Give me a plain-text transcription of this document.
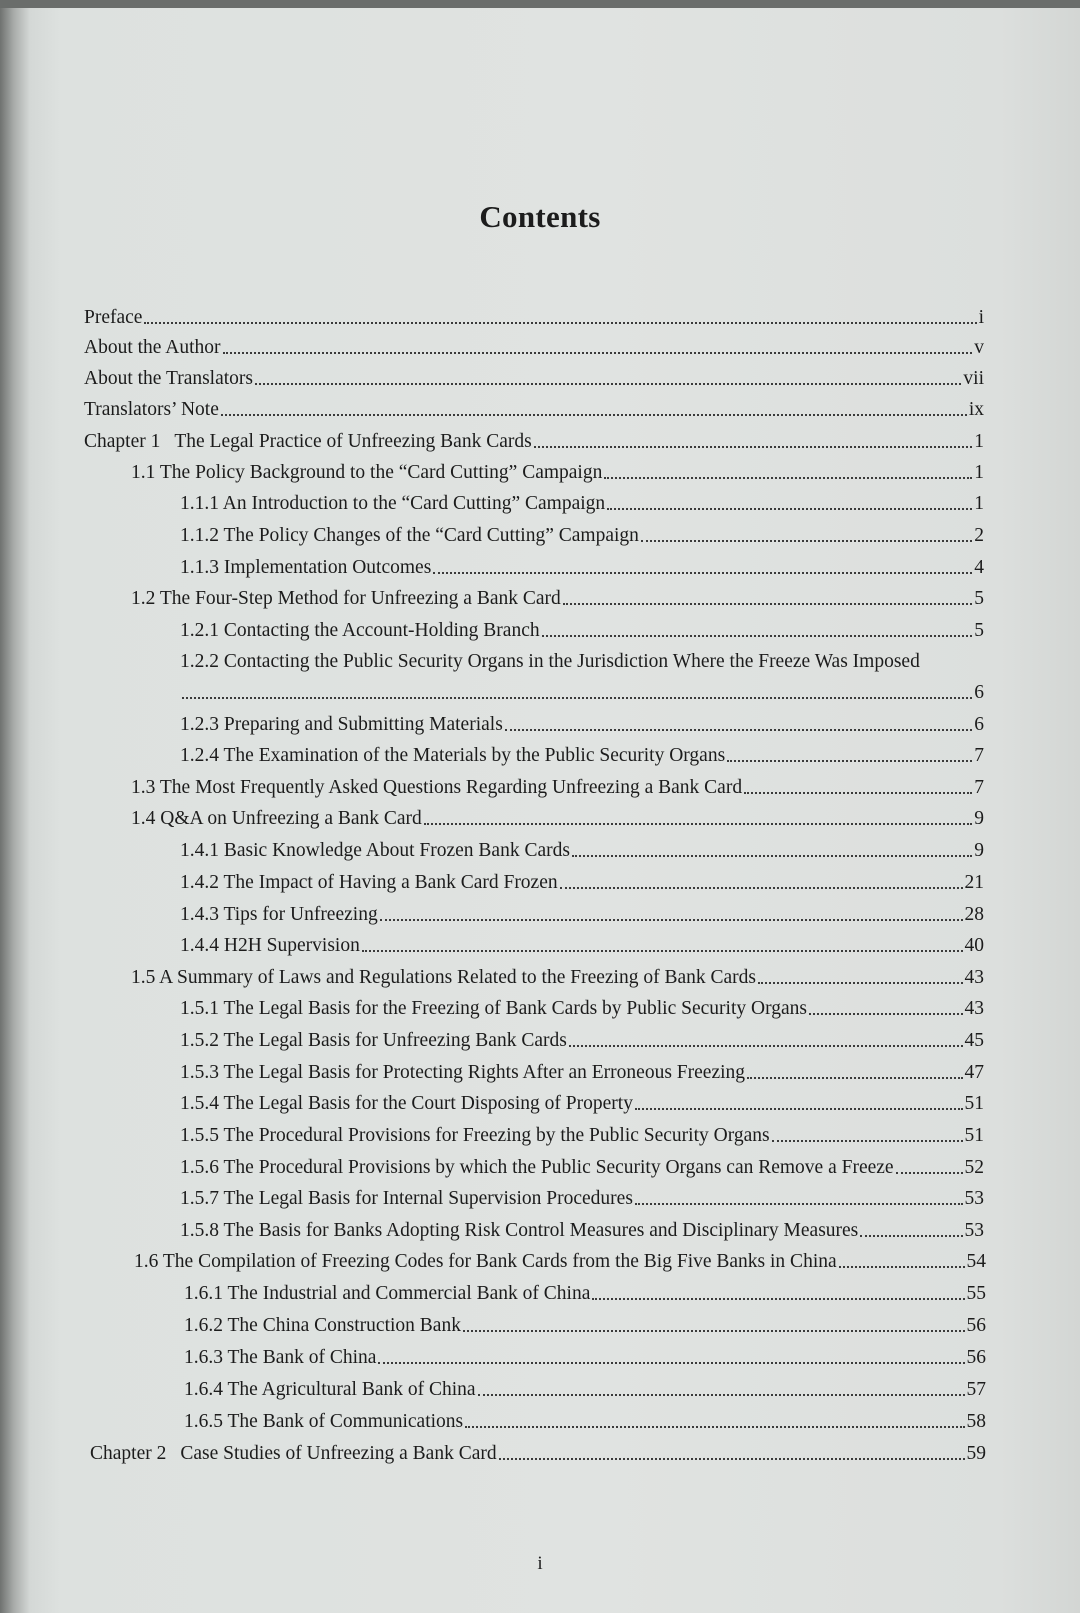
Contents
Preface	i
About the Author	v
About the Translators	vii
Translators’ Note	ix
Chapter 1 The Legal Practice of Unfreezing Bank Cards	1
1.1 The Policy Background to the “Card Cutting” Campaign	1
1.1.1 An Introduction to the “Card Cutting” Campaign	1
1.1.2 The Policy Changes of the “Card Cutting” Campaign	2
1.1.3 Implementation Outcomes	4
1.2 The Four-Step Method for Unfreezing a Bank Card	5
1.2.1 Contacting the Account-Holding Branch	5
1.2.2 Contacting the Public Security Organs in the Jurisdiction Where the Freeze Was Imposed
6
1.2.3 Preparing and Submitting Materials	6
1.2.4 The Examination of the Materials by the Public Security Organs	7
1.3 The Most Frequently Asked Questions Regarding Unfreezing a Bank Card	7
1.4 Q&A on Unfreezing a Bank Card	9
1.4.1 Basic Knowledge About Frozen Bank Cards	9
1.4.2 The Impact of Having a Bank Card Frozen	21
1.4.3 Tips for Unfreezing	28
1.4.4 H2H Supervision	40
1.5 A Summary of Laws and Regulations Related to the Freezing of Bank Cards	43
1.5.1 The Legal Basis for the Freezing of Bank Cards by Public Security Organs	43
1.5.2 The Legal Basis for Unfreezing Bank Cards	45
1.5.3 The Legal Basis for Protecting Rights After an Erroneous Freezing	47
1.5.4 The Legal Basis for the Court Disposing of Property	51
1.5.5 The Procedural Provisions for Freezing by the Public Security Organs	51
1.5.6 The Procedural Provisions by which the Public Security Organs can Remove a Freeze	52
1.5.7 The Legal Basis for Internal Supervision Procedures	53
1.5.8 The Basis for Banks Adopting Risk Control Measures and Disciplinary Measures	53
1.6 The Compilation of Freezing Codes for Bank Cards from the Big Five Banks in China	54
1.6.1 The Industrial and Commercial Bank of China	55
1.6.2 The China Construction Bank	56
1.6.3 The Bank of China	56
1.6.4 The Agricultural Bank of China	57
1.6.5 The Bank of Communications	58
Chapter 2 Case Studies of Unfreezing a Bank Card	59
i
